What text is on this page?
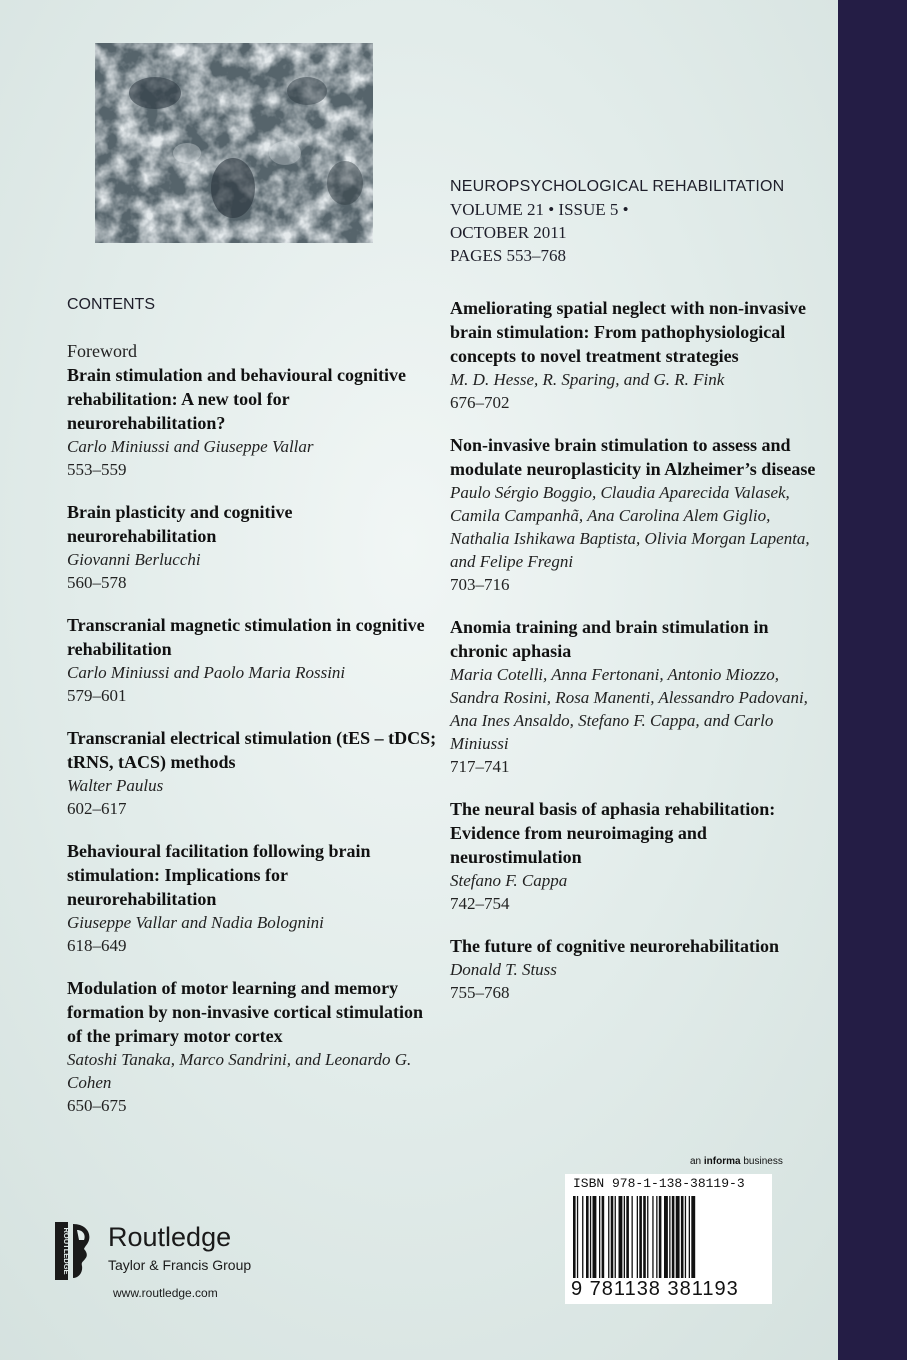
NEUROPSYCHOLOGICAL REHABILITATION
VOLUME 21 • ISSUE 5 •
OCTOBER 2011
PAGES 553–768
CONTENTS
Foreword
Brain stimulation and behavioural cognitive rehabilitation: A new tool for neurorehabilitation?
Carlo Miniussi and Giuseppe Vallar
553–559
Brain plasticity and cognitive neurorehabilitation
Giovanni Berlucchi
560–578
Transcranial magnetic stimulation in cognitive rehabilitation
Carlo Miniussi and Paolo Maria Rossini
579–601
Transcranial electrical stimulation (tES – tDCS; tRNS, tACS) methods
Walter Paulus
602–617
Behavioural facilitation following brain stimulation: Implications for neurorehabilitation
Giuseppe Vallar and Nadia Bolognini
618–649
Modulation of motor learning and memory formation by non-invasive cortical stimulation of the primary motor cortex
Satoshi Tanaka, Marco Sandrini, and Leonardo G. Cohen
650–675
Ameliorating spatial neglect with non-invasive brain stimulation: From pathophysiological concepts to novel treatment strategies
M. D. Hesse, R. Sparing, and G. R. Fink
676–702
Non-invasive brain stimulation to assess and modulate neuroplasticity in Alzheimer’s disease
Paulo Sérgio Boggio, Claudia Aparecida Valasek, Camila Campanhã, Ana Carolina Alem Giglio, Nathalia Ishikawa Baptista, Olivia Morgan Lapenta, and Felipe Fregni
703–716
Anomia training and brain stimulation in chronic aphasia
Maria Cotelli, Anna Fertonani, Antonio Miozzo, Sandra Rosini, Rosa Manenti, Alessandro Padovani, Ana Ines Ansaldo, Stefano F. Cappa, and Carlo Miniussi
717–741
The neural basis of aphasia rehabilitation: Evidence from neuroimaging and neurostimulation
Stefano F. Cappa
742–754
The future of cognitive neurorehabilitation
Donald T. Stuss
755–768
an informa business
ISBN 978-1-138-38119-3
9 781138 381193
ROUTLEDGE Routledge
Taylor & Francis Group
www.routledge.com
